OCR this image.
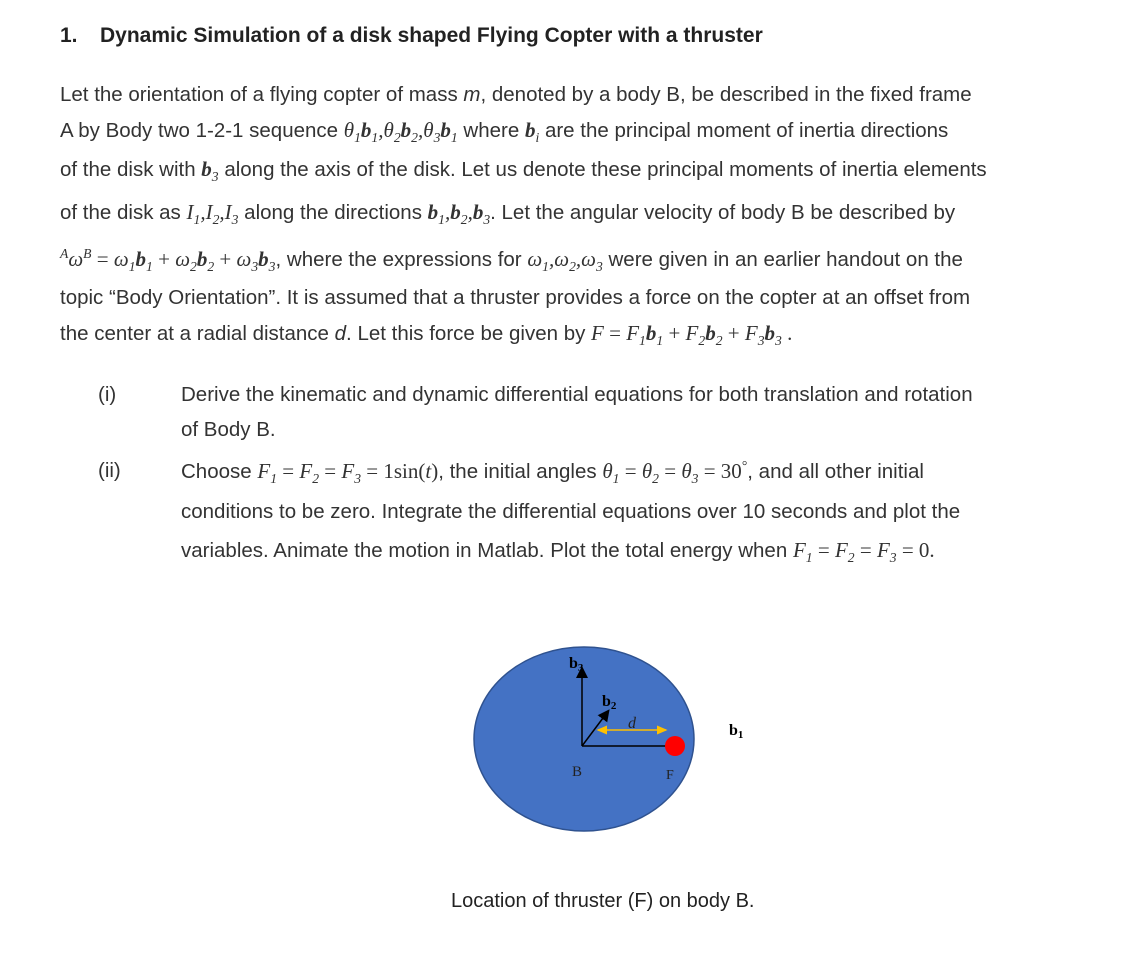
1. Dynamic Simulation of a disk shaped Flying Copter with a thruster
Let the orientation of a flying copter of mass m, denoted by a body B, be described in the fixed frame
A by Body two 1-2-1 sequence $\theta_1b_1,\theta_2b_2,\theta_3b_1$ where $b_i$ are the principal moment of inertia directions
of the disk with $b_3$ along the axis of the disk. Let us denote these principal moments of inertia elements
of the disk as $I_1,I_2,I_3$ along the directions $b_1,b_2,b_3$. Let the angular velocity of body B be described by
$^A\omega^B = \omega_1b_1 + \omega_2b_2 + \omega_3b_3$, where the expressions for $\omega_1,\omega_2,\omega_3$ were given in an earlier handout on the
topic “Body Orientation”. It is assumed that a thruster provides a force on the copter at an offset from
the center at a radial distance d. Let this force be given by $F = F_1b_1 + F_2b_2 + F_3b_3$ .
(i)	Derive the kinematic and dynamic differential equations for both translation and rotation
of Body B.
(ii)	Choose $F_1 = F_2 = F_3 = 1\sin(t)$, the initial angles $\theta_1 = \theta_2 = \theta_3 = 30^\circ$, and all other initial
conditions to be zero. Integrate the differential equations over 10 seconds and plot the
variables. Animate the motion in Matlab. Plot the total energy when $F_1 = F_2 = F_3 = 0$.
b3
b2
b1
d
B	F
Location of thruster (F) on body B.
